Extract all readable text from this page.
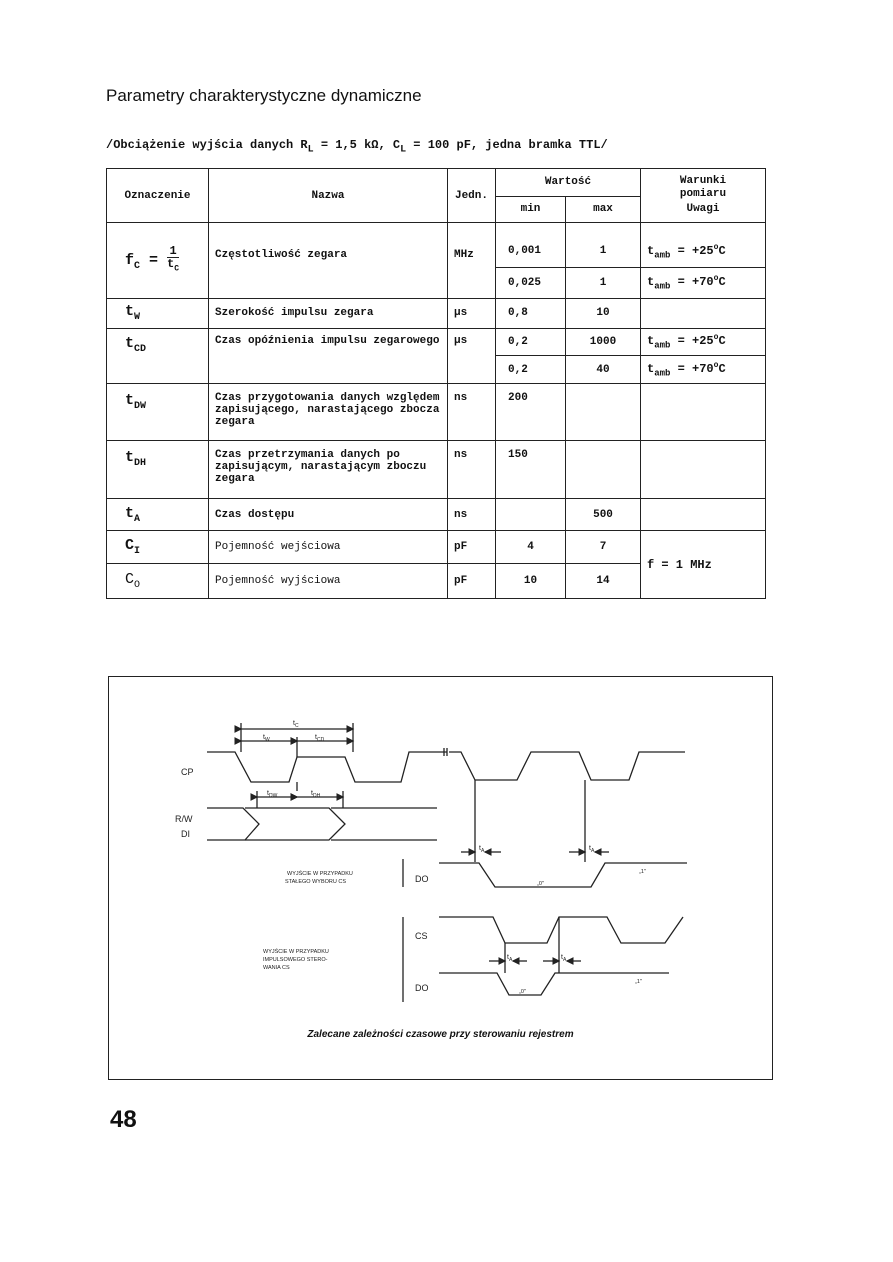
Parametry charakterystyczne dynamiczne
/Obciążenie wyjścia danych $R_L = 1,5$ kΩ, $C_L = 100$ pF, jedna bramka TTL/
Oznaczenie	Nazwa	Jedn.	Wartość		Warunki pomiaru
Uwagi

			min	max	
$f_C = \frac{1}{t_C}$	Częstotliwość zegara	MHz	0,001	1	$t_{amb} = +25^oC$
			0,025	1	$t_{amb} = +70^oC$
$t_W$	Szerokość impulsu zegara	μs	0,8	10	
$t_{CD}$	Czas opóźnienia impulsu zegarowego	μs	0,2	1000	$t_{amb} = +25^oC$
			0,2	40	$t_{amb} = +70^oC$
$t_{DW}$	Czas przygotowania danych względem zapisującego, narastającego zbocza zegara	ns	200		
$t_{DH}$	Czas przetrzymania danych po zapisującym, narastającym zboczu zegara	ns	150		
$t_A$	Czas dostępu	ns		500	
$C_I$	Pojemność wejściowa	pF	4	7	f = 1 MHz
$C_O$	Pojemność wyjściowa	pF	10	14	
CP
R/W
DI
DO
CS
DO
$t_C$
$t_W$	$t_{CD}$
$t_{DW}$	$t_{DH}$
$t_A$	$t_A$
$t_A$	$t_A$
WYJŚCIE W PRZYPADKU
STAŁEGO WYBORU CS
WYJŚCIE W PRZYPADKU
IMPULSOWEGO STERO-
WANIA CS
„0"
„1"
„0"
„1"
Zalecane zależności czasowe przy sterowaniu rejestrem
48
